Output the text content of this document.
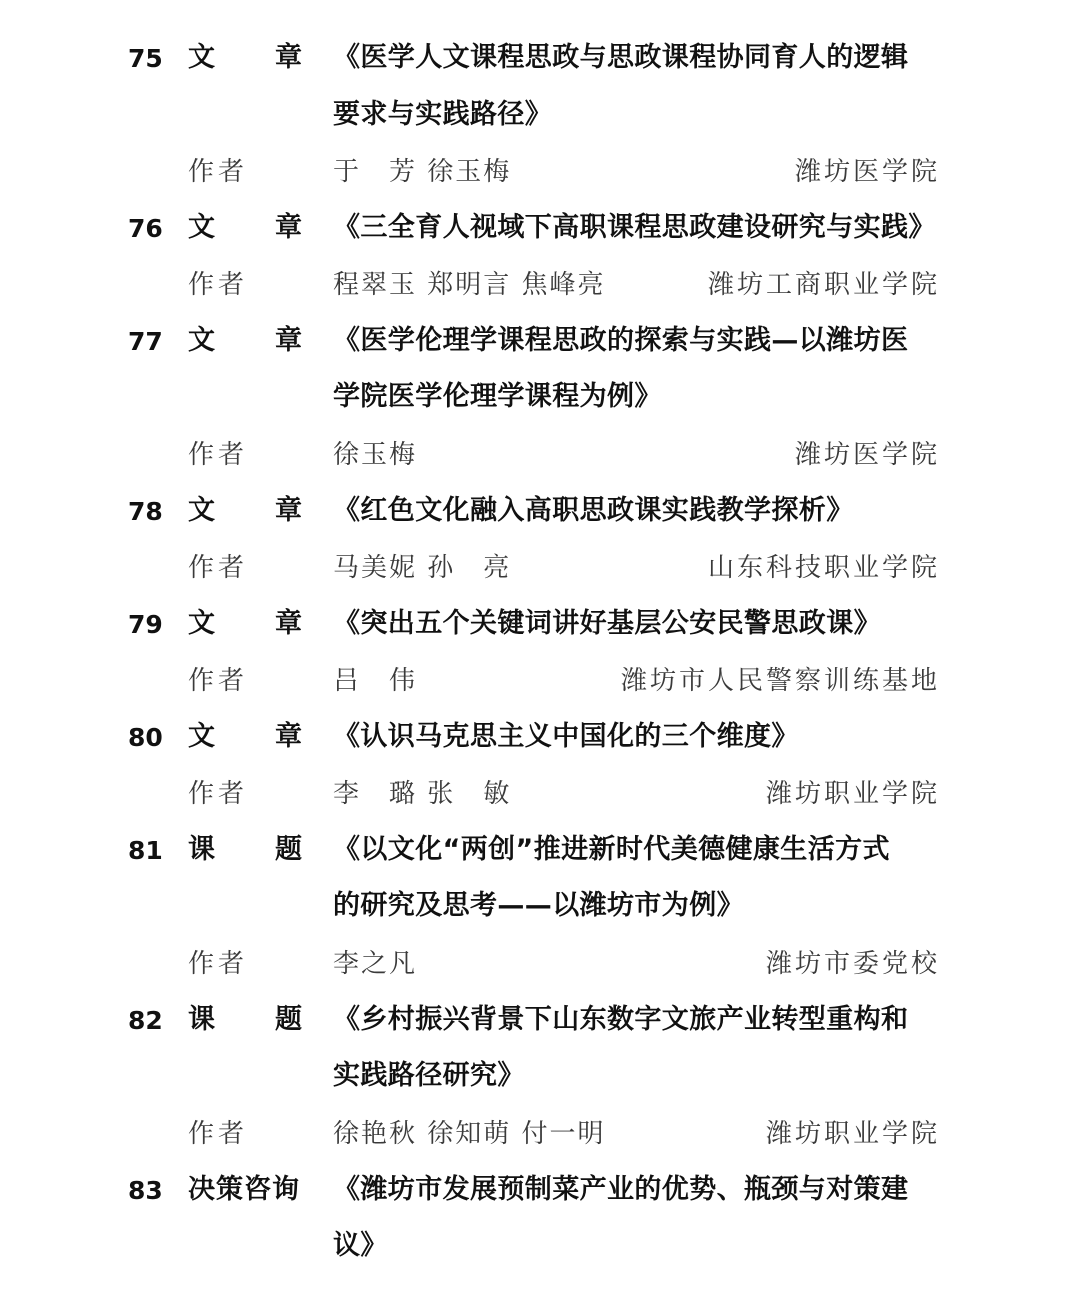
75 文 章 《医学人文课程思政与思政课程协同育人的逻辑
要求与实践路径》
作者	于　芳 徐玉梅	潍坊医学院
76 文 章 《三全育人视域下高职课程思政建设研究与实践》
作者	程翠玉 郑明言 焦峰亮	潍坊工商职业学院
77 文 章 《医学伦理学课程思政的探索与实践—以潍坊医
学院医学伦理学课程为例》
作者	徐玉梅	潍坊医学院
78 文 章 《红色文化融入高职思政课实践教学探析》
作者	马美妮 孙　亮	山东科技职业学院
79 文 章 《突出五个关键词讲好基层公安民警思政课》
作者	吕　伟	潍坊市人民警察训练基地
80 文 章 《认识马克思主义中国化的三个维度》
作者	李　璐 张　敏	潍坊职业学院
81 课 题 《以文化“两创”推进新时代美德健康生活方式
的研究及思考——以潍坊市为例》
作者	李之凡	潍坊市委党校
82 课 题 《乡村振兴背景下山东数字文旅产业转型重构和
实践路径研究》
作者	徐艳秋 徐知萌 付一明	潍坊职业学院
83 决策咨询 《潍坊市发展预制菜产业的优势、瓶颈与对策建
议》
